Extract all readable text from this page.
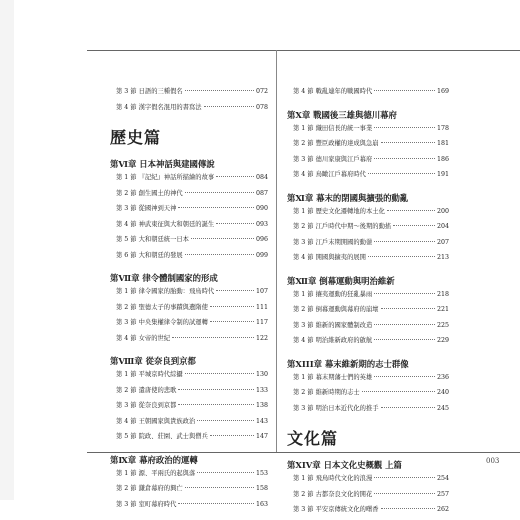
第 3 節 日語的三種假名	072
第 4 節 漢字假名混用的書寫法	078
歷史篇
第Ⅵ章 日本神話與建國傳說
第 1 節 『記紀』神話所描繪的故事	084
第 2 節 創生國土的神代	087
第 3 節 從國神到天神	090
第 4 節 神武東征與大和朝廷的誕生	093
第 5 節 大和朝廷統一日本	096
第 6 節 大和朝廷的發展	099
第Ⅶ章 律令體制國家的形成
第 1 節 律令國家的胎動：飛鳥時代	107
第 2 節 聖德太子的事蹟與遺隋使	111
第 3 節 中央集權律令制的試運轉	117
第 4 節 女帝的世紀	122
第Ⅷ章 從奈良到京都
第 1 節 平城京時代綜攝	130
第 2 節 遣唐使的悲歌	133
第 3 節 從奈良到京都	138
第 4 節 王朝國家與貴族政治	143
第 5 節 院政、莊園、武士與僧兵	147
第Ⅸ章 幕府政治的運轉
第 1 節 源、平兩氏的起與落	153
第 2 節 鎌倉幕府的興亡	158
第 3 節 室町幕府時代	163
第 4 節 戰亂連年的戰國時代	169
第Ⅹ章 戰國後三雄與德川幕府
第 1 節 織田信長的統一事業	178
第 2 節 豐臣政權的達成與急崩	181
第 3 節 德川家康與江戶幕府	186
第 4 節 鳥瞰江戶幕府時代	191
第Ⅺ章 幕末的閉國與擴張的動亂
第 1 節 歷史文化遷轉地的本土化	200
第 2 節 江戶時代中期～後期的動搖	204
第 3 節 江戶末期開國的動盪	207
第 4 節 開國與擴夷的展開	213
第Ⅻ章 倒幕運動與明治維新
第 1 節 攘夷運動的狂亂暴雨	218
第 2 節 倒幕運動與幕府的崩壞	221
第 3 節 維新的國家體制改造	225
第 4 節 明治維新政府的啟航	229
第XIII章 幕末維新期的志士群像
第 1 節 幕末期藩士們的英雄	236
第 2 節 維新時期的志士	240
第 3 節 明治日本近代化的推手	245
文化篇
第XIV章 日本文化史概觀 上篇
第 1 節 飛鳥時代文化的浪漫	254
第 2 節 古都奈良文化的開花	257
第 3 節 平安京傳統文化的曙香	262
003
